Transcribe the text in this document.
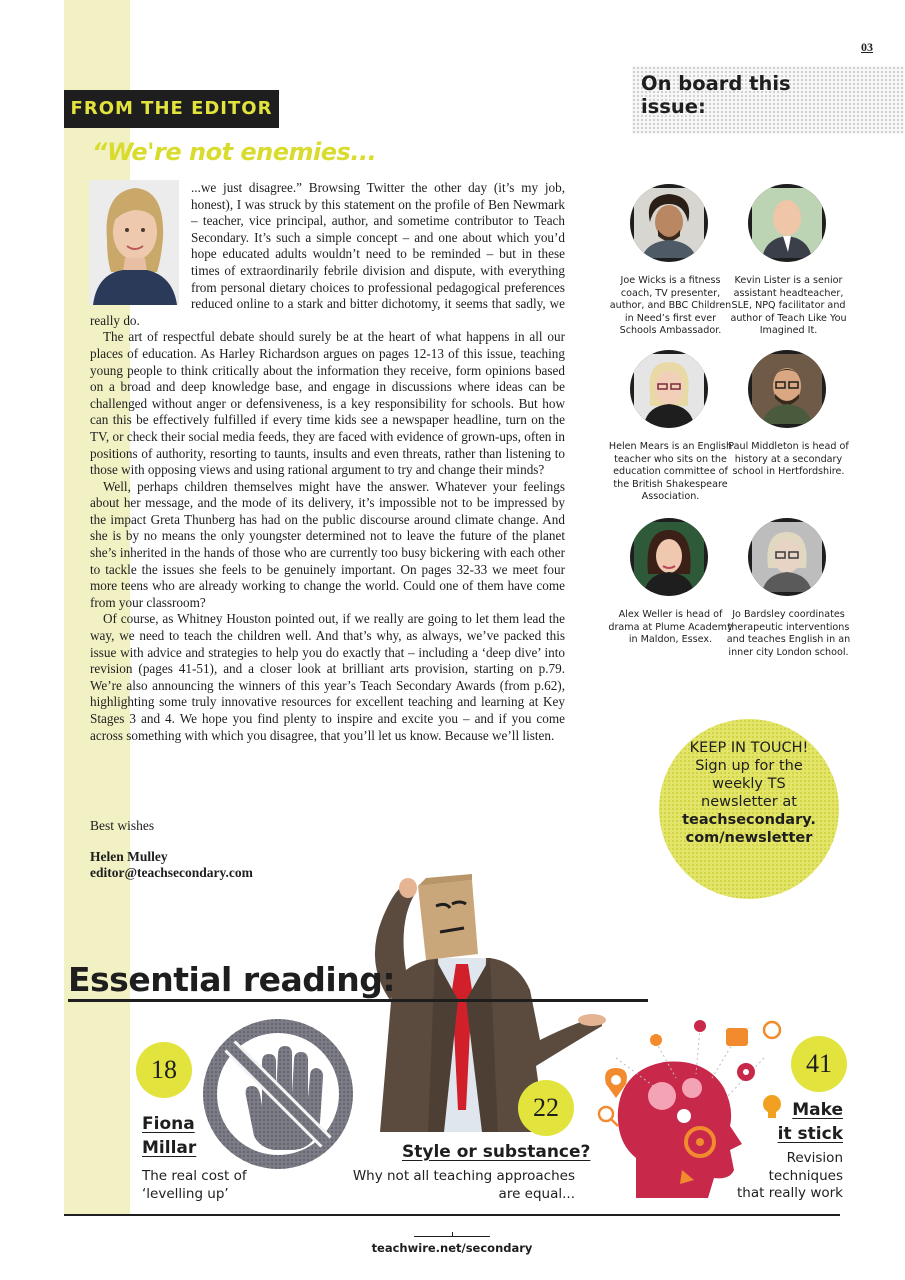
03
FROM THE EDITOR
“We're not enemies...

...we just disagree.” Browsing Twitter the other day (it’s my job, honest), I was struck by this statement on the profile of Ben Newmark – teacher, vice principal, author, and sometime contributor to Teach Secondary. It’s such a simple concept – and one about which you’d hope educated adults wouldn’t need to be reminded – but in these times of extraordinarily febrile division and dispute, with everything from personal dietary choices to professional pedagogical preferences reduced online to a stark and bitter dichotomy, it seems that sadly, we really do.

The art of respectful debate should surely be at the heart of what happens in all our places of education. As Harley Richardson argues on pages 12-13 of this issue, teaching young people to think critically about the information they receive, form opinions based on a broad and deep knowledge base, and engage in discussions where ideas can be challenged without anger or defensiveness, is a key responsibility for schools. But how can this be effectively fulfilled if every time kids see a newspaper headline, turn on the TV, or check their social media feeds, they are faced with evidence of grown-ups, often in positions of authority, resorting to taunts, insults and even threats, rather than listening to those with opposing views and using rational argument to try and change their minds?

Well, perhaps children themselves might have the answer. Whatever your feelings about her message, and the mode of its delivery, it’s impossible not to be impressed by the impact Greta Thunberg has had on the public discourse around climate change. And she is by no means the only youngster determined not to leave the future of the planet she’s inherited in the hands of those who are currently too busy bickering with each other to tackle the issues she feels to be genuinely important. On pages 32-33 we meet four more teens who are already working to change the world. Could one of them have come from your classroom?

Of course, as Whitney Houston pointed out, if we really are going to let them lead the way, we need to teach the children well. And that’s why, as always, we’ve packed this issue with advice and strategies to help you do exactly that – including a ‘deep dive’ into revision (pages 41-51), and a closer look at brilliant arts provision, starting on p.79. We’re also announcing the winners of this year’s Teach Secondary Awards (from p.62), highlighting some truly innovative resources for excellent teaching and learning at Key Stages 3 and 4. We hope you find plenty to inspire and excite you – and if you come across something with which you disagree, that you’ll let us know. Because we’ll listen.

Best wishes
Helen Mulley
editor@teachsecondary.com
On board this issue:
Joe Wicks is a fitness coach, TV presenter, author, and BBC Children in Need’s first ever Schools Ambassador.
Kevin Lister is a senior assistant headteacher, SLE, NPQ facilitator and author of Teach Like You Imagined It.
Helen Mears is an English teacher who sits on the education committee of the British Shakespeare Association.
Paul Middleton is head of history at a secondary school in Hertfordshire.
Alex Weller is head of drama at Plume Academy in Maldon, Essex.
Jo Bardsley coordinates therapeutic interventions and teaches English in an inner city London school.
KEEP IN TOUCH!
Sign up for the weekly TS newsletter at
teachsecondary. com/newsletter
Essential reading:
18
Fiona
Millar
The real cost of
‘levelling up’
22
Style or substance?
Why not all teaching approaches
are equal...
41
Make
it stick
Revision
techniques
that really work
teachwire.net/secondary
